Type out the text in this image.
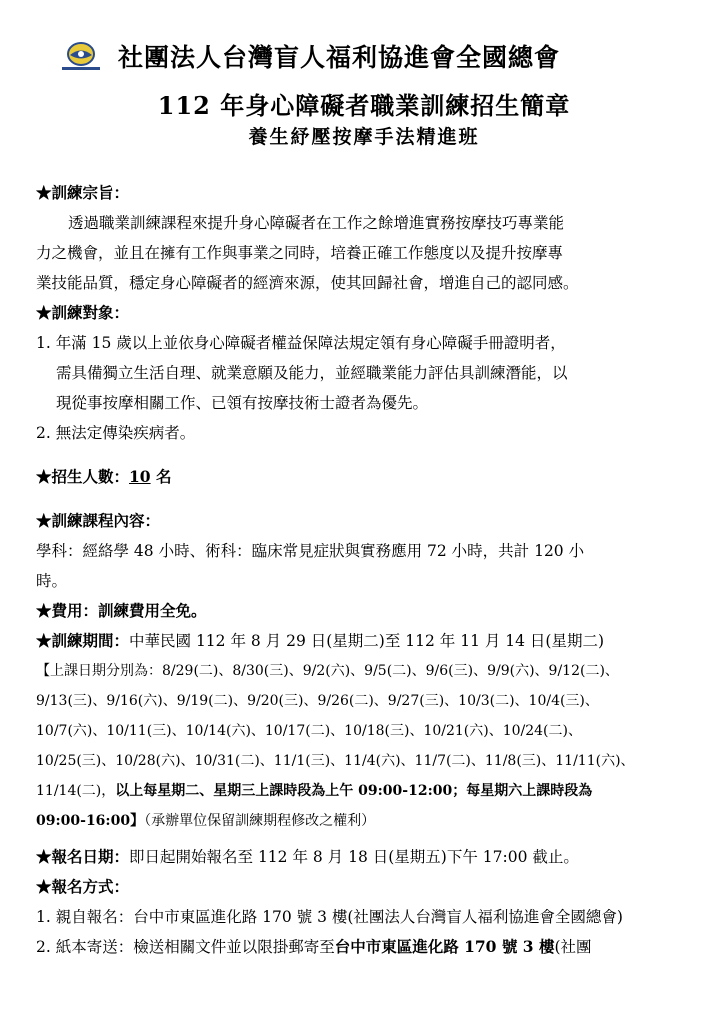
社團法人台灣盲人福利協進會全國總會
112 年身心障礙者職業訓練招生簡章
養生紓壓按摩手法精進班
★訓練宗旨：
透過職業訓練課程來提升身心障礙者在工作之餘增進實務按摩技巧專業能
力之機會，並且在擁有工作與事業之同時，培養正確工作態度以及提升按摩專
業技能品質，穩定身心障礙者的經濟來源，使其回歸社會，增進自己的認同感。
★訓練對象：
1. 年滿 15 歲以上並依身心障礙者權益保障法規定領有身心障礙手冊證明者，
需具備獨立生活自理、就業意願及能力，並經職業能力評估具訓練潛能，以
現從事按摩相關工作、已領有按摩技術士證者為優先。
2. 無法定傳染疾病者。
★招生人數：10 名
★訓練課程內容：
學科：經絡學 48 小時、術科：臨床常見症狀與實務應用 72 小時，共計 120 小
時。
★費用：訓練費用全免。
★訓練期間：中華民國 112 年 8 月 29 日(星期二)至 112 年 11 月 14 日(星期二)
【上課日期分別為：8/29(二)、8/30(三)、9/2(六)、9/5(二)、9/6(三)、9/9(六)、9/12(二)、
9/13(三)、9/16(六)、9/19(二)、9/20(三)、9/26(二)、9/27(三)、10/3(二)、10/4(三)、
10/7(六)、10/11(三)、10/14(六)、10/17(二)、10/18(三)、10/21(六)、10/24(二)、
10/25(三)、10/28(六)、10/31(二)、11/1(三)、11/4(六)、11/7(二)、11/8(三)、11/11(六)、
11/14(二)，以上每星期二、星期三上課時段為上午 09:00-12:00；每星期六上課時段為
09:00-16:00】（承辦單位保留訓練期程修改之權利）
★報名日期：即日起開始報名至 112 年 8 月 18 日(星期五)下午 17:00 截止。
★報名方式：
1. 親自報名：台中市東區進化路 170 號 3 樓(社團法人台灣盲人福利協進會全國總會)
2. 紙本寄送：檢送相關文件並以限掛郵寄至台中市東區進化路 170 號 3 樓(社團
